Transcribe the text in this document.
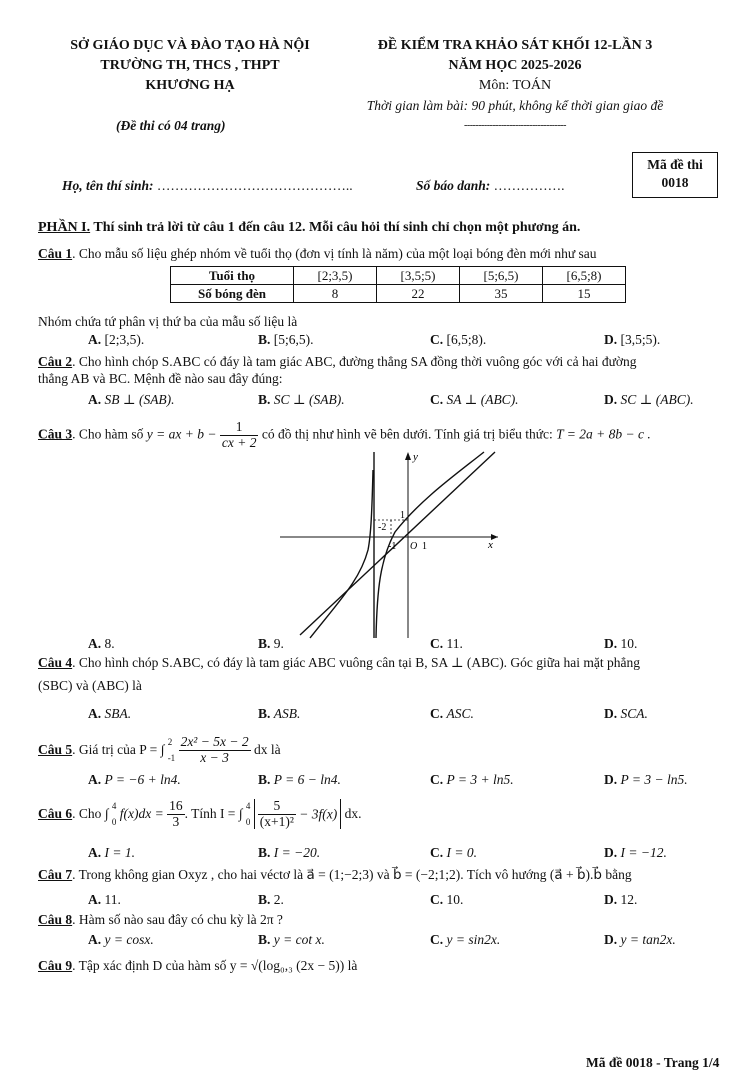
SỞ GIÁO DỤC VÀ ĐÀO TẠO HÀ NỘI
TRƯỜNG TH, THCS , THPT
KHƯƠNG HẠ
ĐỀ KIỂM TRA KHẢO SÁT KHỐI 12-LẦN 3
NĂM HỌC 2025-2026
Môn: TOÁN
Thời gian làm bài: 90 phút, không kể thời gian giao đề
------------------------------------
(Đề thi có 04 trang)
Mã đề thi
0018
Họ, tên thí sinh: ……………………………………..	Số báo danh: …………….
PHẦN I. Thí sinh trả lời từ câu 1 đến câu 12. Mỗi câu hỏi thí sinh chỉ chọn một phương án.
Câu 1. Cho mẫu số liệu ghép nhóm về tuổi thọ (đơn vị tính là năm) của một loại bóng đèn mới như sau
Tuổi thọ	[2;3,5)	[3,5;5)	[5;6,5)	[6,5;8)
Số bóng đèn	8	22	35	15
Nhóm chứa tứ phân vị thứ ba của mẫu số liệu là
A. [2;3,5).	B. [5;6,5).	C. [6,5;8).	D. [3,5;5).
Câu 2. Cho hình chóp S.ABC có đáy là tam giác ABC, đường thẳng SA đồng thời vuông góc với cả hai đường
thẳng AB và BC. Mệnh đề nào sau đây đúng:
A. SB ⊥ (SAB).	B. SC ⊥ (SAB).	C. SA ⊥ (ABC).	D. SC ⊥ (ABC).
Câu 3. Cho hàm số y = ax + $b - \frac{1}{cx + 2}$ có đồ thị như hình vẽ bên dưới. Tính giá trị biểu thức: T = 2a + 8b − c .
y
x
O 1
1
-1
-2
A. 8.	B. 9.	C. 11.	D. 10.
Câu 4. Cho hình chóp S.ABC, có đáy là tam giác ABC vuông cân tại B, SA ⊥ (ABC). Góc giữa hai mặt phẳng
(SBC) và (ABC) là
A. SBA.	B. ASB.	C. ASC.	D. SCA.
Câu 5. Giá trị của P = ∫ 2
-1
$\frac{\text{2x² − 5x − 2}}{x - 3}$ dx là
A. P = −6 + ln4.	B. P = 6 − ln4.	C. P = 3 + ln5.	D. P = 3 − ln5.
Câu 6. Cho ∫ 4
0
$f(x)dx = \frac{16}{3}$ . Tính I = ∫ 4
0
$\frac{5}{\text{(x+1)²}} - 3f(x)$ dx.
A. I = 1.	B. I = −20.	C. I = 0.	D. I = −12.
Câu 7. Trong không gian Oxyz , cho hai véctơ là a⃗ = (1;−2;3) và b⃗ = (−2;1;2). Tích vô hướng (a⃗ + b⃗).b⃗ bằng
A. 11.	B. 2.	C. 10.	D. 12.
Câu 8. Hàm số nào sau đây có chu kỳ là 2π ?
A. y = cosx.	B. y = cot x.	C. y = sin2x.	D. y = tan2x.
Câu 9. Tập xác định D của hàm số y = √(log₀,₃ (2x − 5)) là
Mã đề 0018 - Trang 1/4
